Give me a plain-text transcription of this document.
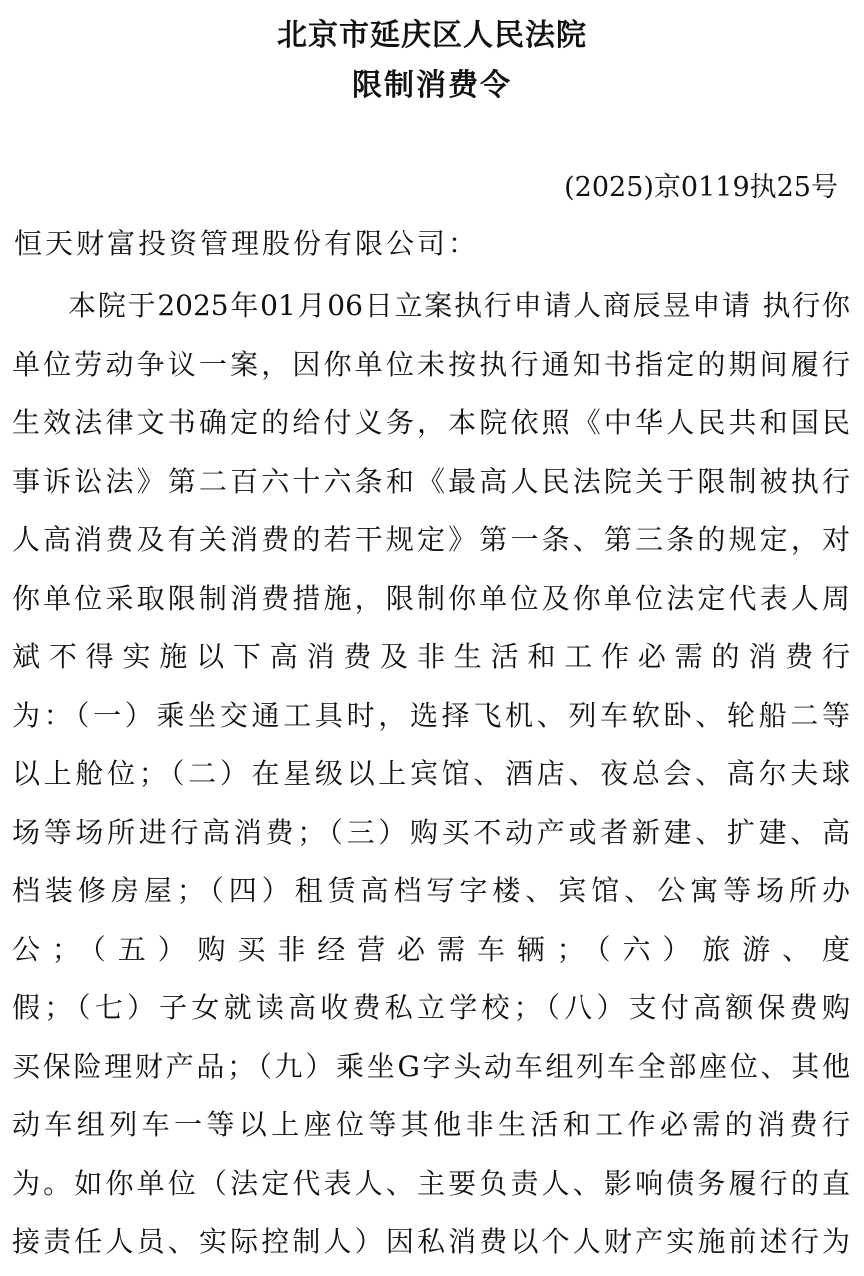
北京市延庆区人民法院
限制消费令
(2025)京0119执25号
恒天财富投资管理股份有限公司：
本院于2025年01月06日立案执行申请人商辰昱申请 执行你
单位劳动争议一案，因你单位未按执行通知书指定的期间履行
生效法律文书确定的给付义务，本院依照《中华人民共和国民
事诉讼法》第二百六十六条和《最高人民法院关于限制被执行
人高消费及有关消费的若干规定》第一条、第三条的规定，对
你单位采取限制消费措施，限制你单位及你单位法定代表人周
斌不得实施以下高消费及非生活和工作必需的消费行
为：（一）乘坐交通工具时，选择飞机、列车软卧、轮船二等
以上舱位；（二）在星级以上宾馆、酒店、夜总会、高尔夫球
场等场所进行高消费；（三）购买不动产或者新建、扩建、高
档装修房屋；（四）租赁高档写字楼、宾馆、公寓等场所办
公；（五）购买非经营必需车辆；（六）旅游、度
假；（七）子女就读高收费私立学校；（八）支付高额保费购
买保险理财产品；（九）乘坐G字头动车组列车全部座位、其他
动车组列车一等以上座位等其他非生活和工作必需的消费行
为。如你单位（法定代表人、主要负责人、影响债务履行的直
接责任人员、实际控制人）因私消费以个人财产实施前述行为
